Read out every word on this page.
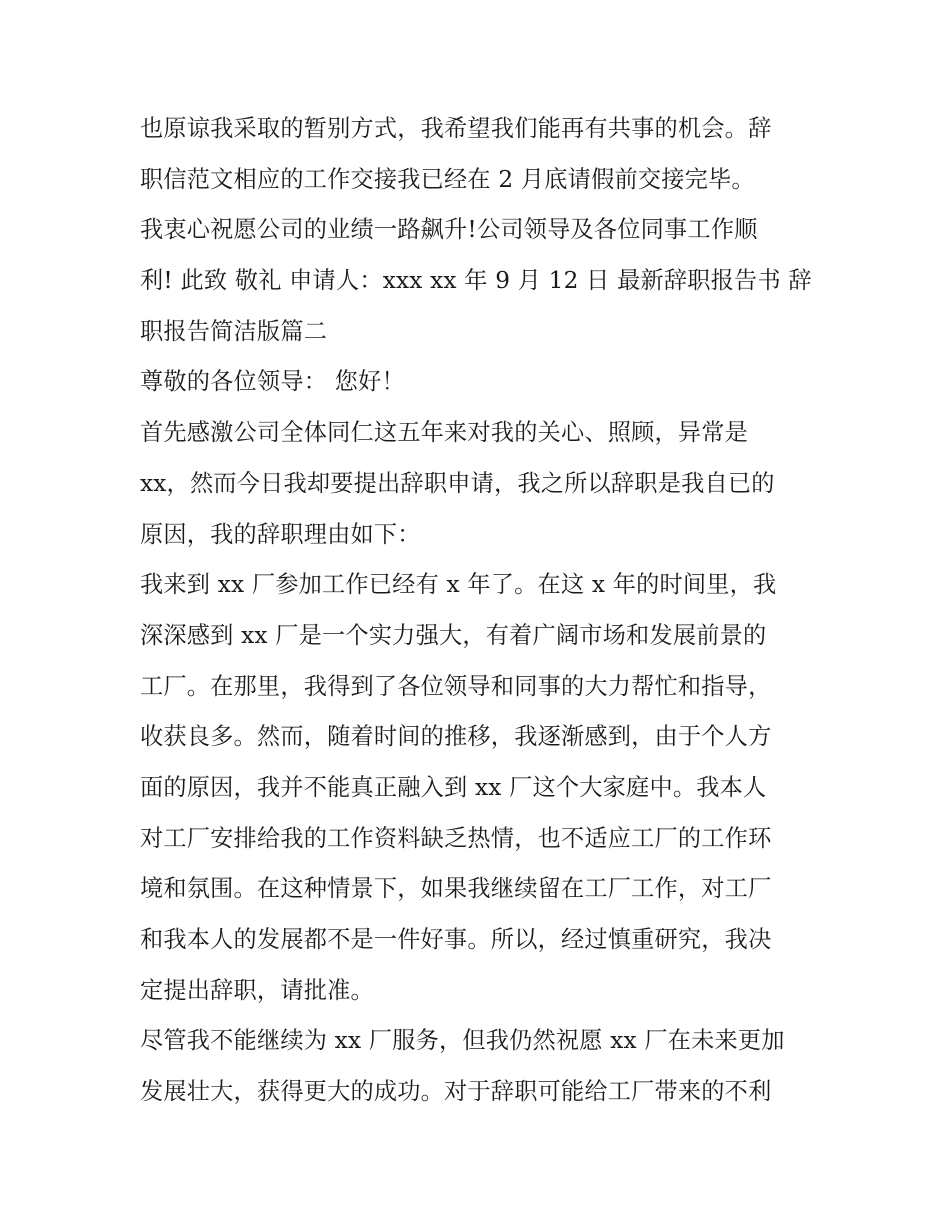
也原谅我采取的暂别方式，我希望我们能再有共事的机会。辞
职信范文相应的工作交接我已经在 2 月底请假前交接完毕。
我衷心祝愿公司的业绩一路飙升!公司领导及各位同事工作顺
利! 此致 敬礼 申请人：xxx xx 年 9 月 12 日 最新辞职报告书 辞
职报告简洁版篇二
尊敬的各位领导： 您好！
首先感激公司全体同仁这五年来对我的关心、照顾，异常是
xx，然而今日我却要提出辞职申请，我之所以辞职是我自已的
原因，我的辞职理由如下：
我来到 xx 厂参加工作已经有 x 年了。在这 x 年的时间里，我
深深感到 xx 厂是一个实力强大，有着广阔市场和发展前景的
工厂。在那里，我得到了各位领导和同事的大力帮忙和指导，
收获良多。然而，随着时间的推移，我逐渐感到，由于个人方
面的原因，我并不能真正融入到 xx 厂这个大家庭中。我本人
对工厂安排给我的工作资料缺乏热情，也不适应工厂的工作环
境和氛围。在这种情景下，如果我继续留在工厂工作，对工厂
和我本人的发展都不是一件好事。所以，经过慎重研究，我决
定提出辞职，请批准。
尽管我不能继续为 xx 厂服务，但我仍然祝愿 xx 厂在未来更加
发展壮大，获得更大的成功。对于辞职可能给工厂带来的不利
